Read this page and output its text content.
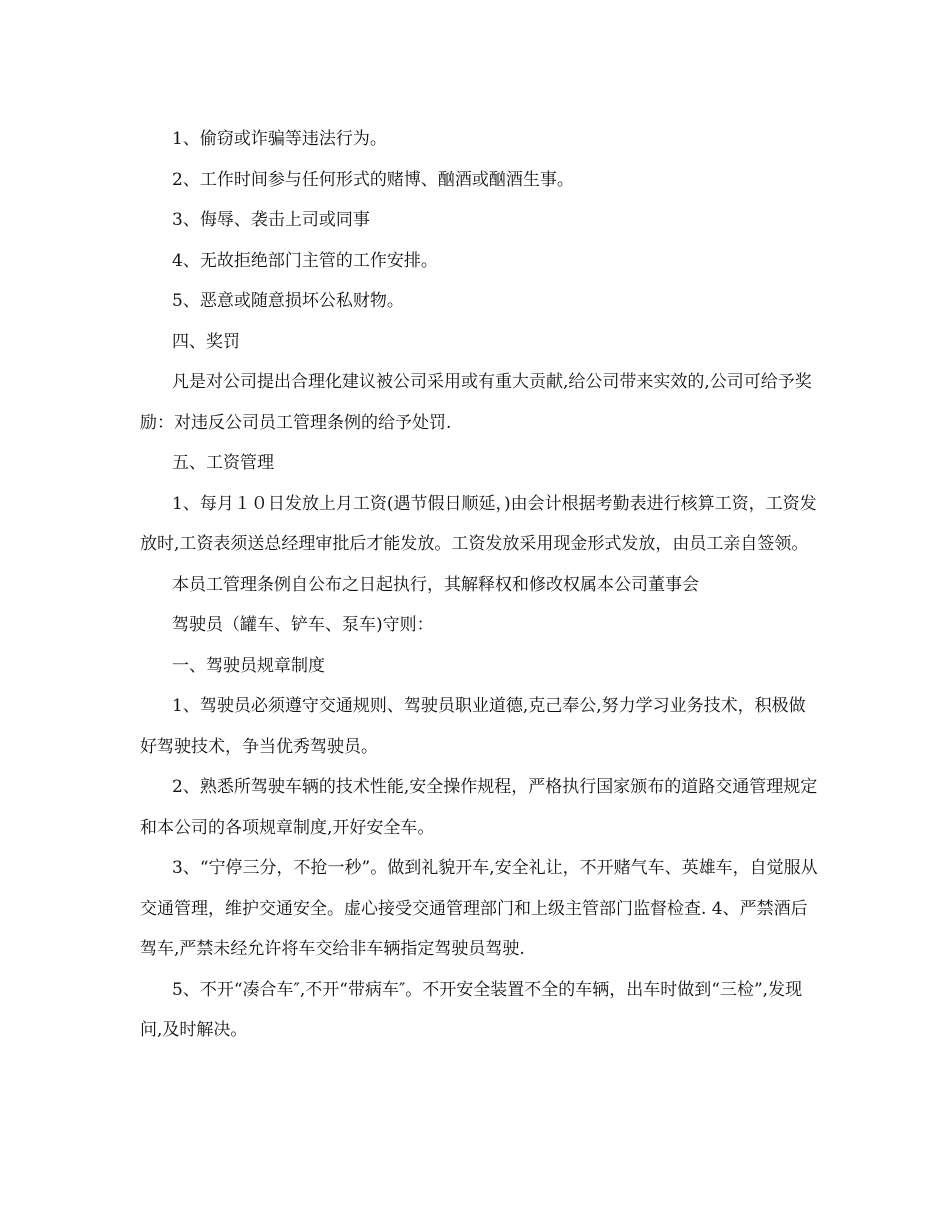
1、偷窃或诈骗等违法行为。

2、工作时间参与任何形式的赌博、酗酒或酗酒生事。

3、侮辱、袭击上司或同事

4、无故拒绝部门主管的工作安排。

5、恶意或随意损坏公私财物。

四、奖罚

凡是对公司提出合理化建议被公司采用或有重大贡献,给公司带来实效的,公司可给予奖励：对违反公司员工管理条例的给予处罚.

五、工资管理

1、每月１０日发放上月工资(遇节假日顺延，)由会计根据考勤表进行核算工资，工资发放时,工资表须送总经理审批后才能发放。工资发放采用现金形式发放，由员工亲自签领。

本员工管理条例自公布之日起执行，其解释权和修改权属本公司董事会

驾驶员（罐车、铲车、泵车)守则：

一、驾驶员规章制度

1、驾驶员必须遵守交通规则、驾驶员职业道德,克己奉公,努力学习业务技术，积极做好驾驶技术，争当优秀驾驶员。

2、熟悉所驾驶车辆的技术性能,安全操作规程，严格执行国家颁布的道路交通管理规定和本公司的各项规章制度,开好安全车。

3、“宁停三分，不抢一秒”。做到礼貌开车,安全礼让，不开赌气车、英雄车，自觉服从交通管理，维护交通安全。虚心接受交通管理部门和上级主管部门监督检查. 4、严禁酒后驾车,严禁未经允许将车交给非车辆指定驾驶员驾驶.

5、不开“凑合车″,不开“带病车″。不开安全装置不全的车辆，出车时做到“三检”,发现问,及时解决。
